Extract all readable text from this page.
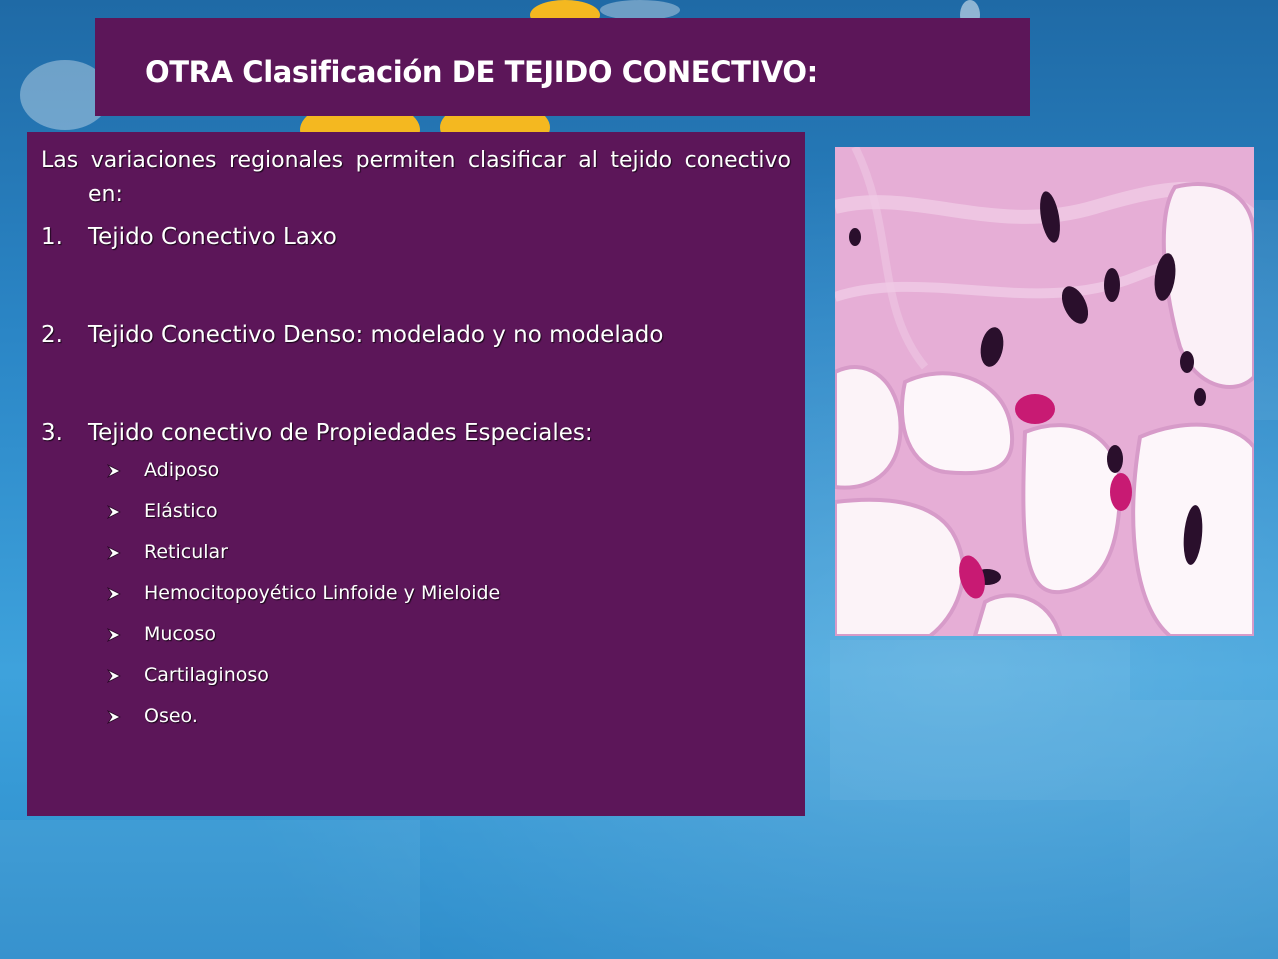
OTRA Clasificación DE TEJIDO CONECTIVO:

Las variaciones regionales permiten clasificar al tejido conectivo en:

1. Tejido Conectivo Laxo
2. Tejido Conectivo Denso: modelado y no modelado
3. Tejido conectivo de Propiedades Especiales:
Adiposo
Elástico
Reticular
Hemocitopoyético Linfoide y Mieloide
Mucoso
Cartilaginoso
Oseo.
